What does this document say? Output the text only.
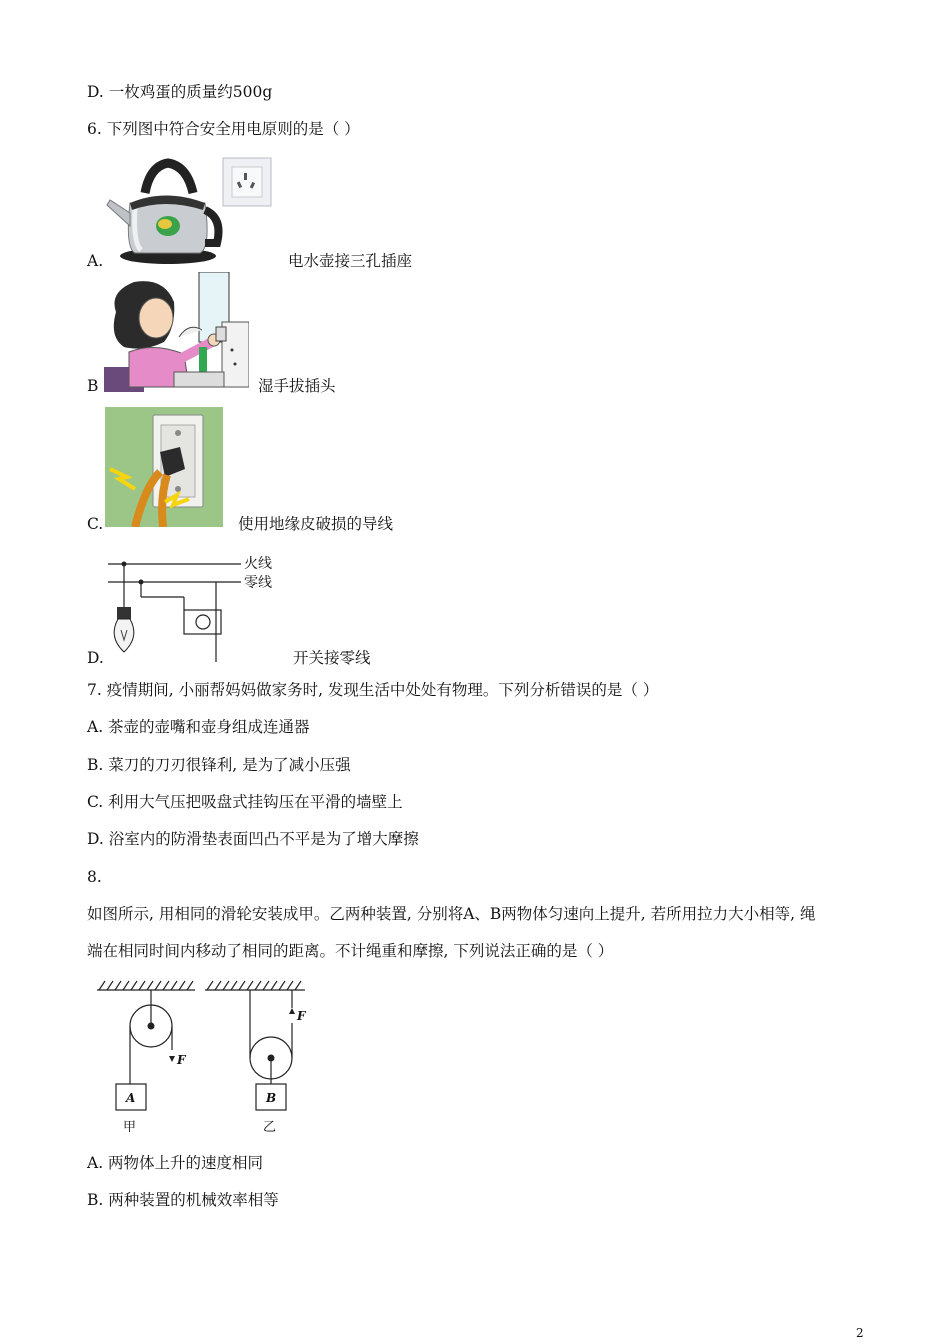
D. 一枚鸡蛋的质量约500g
6. 下列图中符合安全用电原则的是（ ）
A.	电水壶接三孔插座
B	湿手拔插头
C.	使用地缘皮破损的导线
火线
零线
D.	开关接零线
7. 疫情期间, 小丽帮妈妈做家务时, 发现生活中处处有物理。下列分析错误的是（ ）
A. 茶壶的壶嘴和壶身组成连通器
B. 菜刀的刀刃很锋利, 是为了减小压强
C. 利用大气压把吸盘式挂钩压在平滑的墙壁上
D. 浴室内的防滑垫表面凹凸不平是为了增大摩擦
8.
如图所示, 用相同的滑轮安装成甲。乙两种装置, 分别将A、B两物体匀速向上提升, 若所用拉力大小相等, 绳
端在相同时间内移动了相同的距离。不计绳重和摩擦, 下列说法正确的是（ ）
F
F
A	B
甲	乙
A. 两物体上升的速度相同
B. 两种装置的机械效率相等
2
